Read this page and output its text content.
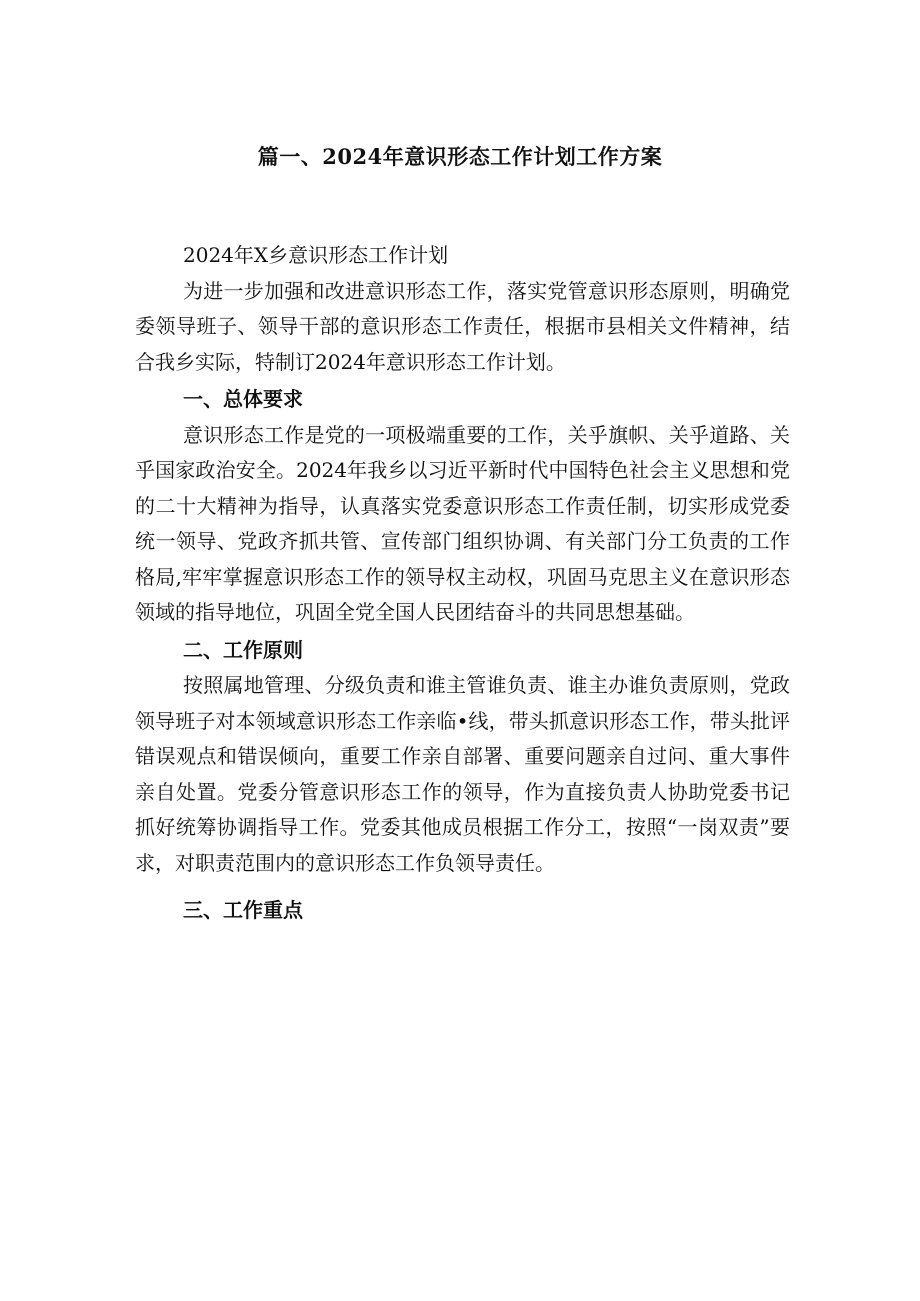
篇一、2024年意识形态工作计划工作方案

2024年X乡意识形态工作计划

为进一步加强和改进意识形态工作，落实党管意识形态原则，明确党委领导班子、领导干部的意识形态工作责任，根据市县相关文件精神，结合我乡实际，特制订2024年意识形态工作计划。

一、总体要求

意识形态工作是党的一项极端重要的工作，关乎旗帜、关乎道路、关乎国家政治安全。2024年我乡以习近平新时代中国特色社会主义思想和党的二十大精神为指导，认真落实党委意识形态工作责任制，切实形成党委统一领导、党政齐抓共管、宣传部门组织协调、有关部门分工负责的工作格局,牢牢掌握意识形态工作的领导权主动权，巩固马克思主义在意识形态领域的指导地位，巩固全党全国人民团结奋斗的共同思想基础。

二、工作原则

按照属地管理、分级负责和谁主管谁负责、谁主办谁负责原则，党政领导班子对本领域意识形态工作亲临•线，带头抓意识形态工作，带头批评错误观点和错误倾向，重要工作亲自部署、重要问题亲自过问、重大事件亲自处置。党委分管意识形态工作的领导，作为直接负责人协助党委书记抓好统筹协调指导工作。党委其他成员根据工作分工，按照“一岗双责”要求，对职责范围内的意识形态工作负领导责任。

三、工作重点
